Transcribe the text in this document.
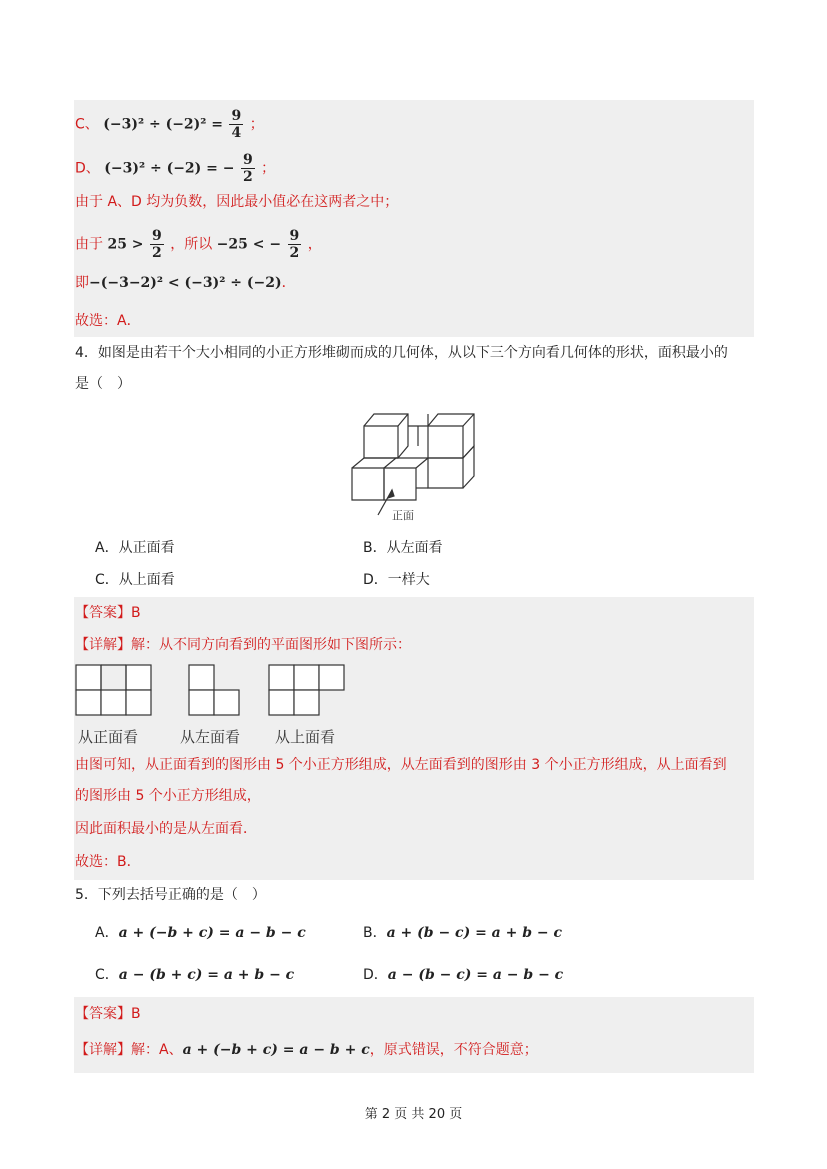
C、 $(-3)^2 \div (-2)^2 = \frac{9}{4}$ ；
D、 (−3)² ÷ (−2) = − $\frac{9}{2}$ ；
由于 A、D 均为负数，因此最小值必在这两者之中；
由于 $25 > \frac{9}{2}$ ，所以 −25 < − $\frac{9}{2}$ ，
即−(−3−2)² < (−3)² ÷ (−2)．
故选：A．
4．如图是由若干个大小相同的小正方形堆砌而成的几何体，从以下三个方向看几何体的形状，面积最小的
是（　）
正面
A．从正面看	B．从左面看
C．从上面看	D．一样大
【答案】B
【详解】解：从不同方向看到的平面图形如下图所示：
从正面看	从左面看 从上面看
由图可知，从正面看到的图形由 5 个小正方形组成，从左面看到的图形由 3 个小正方形组成，从上面看到
的图形由 5 个小正方形组成，
因此面积最小的是从左面看．
故选：B．
5．下列去括号正确的是（　）
A．a + (−b + c) = a − b − c	B．a + (b − c) = a + b − c
C．a − (b + c) = a + b − c	D．a − (b − c) = a − b − c
【答案】B
【详解】解：A、a + (−b + c) = a − b + c，原式错误，不符合题意；
第 2 页 共 20 页
